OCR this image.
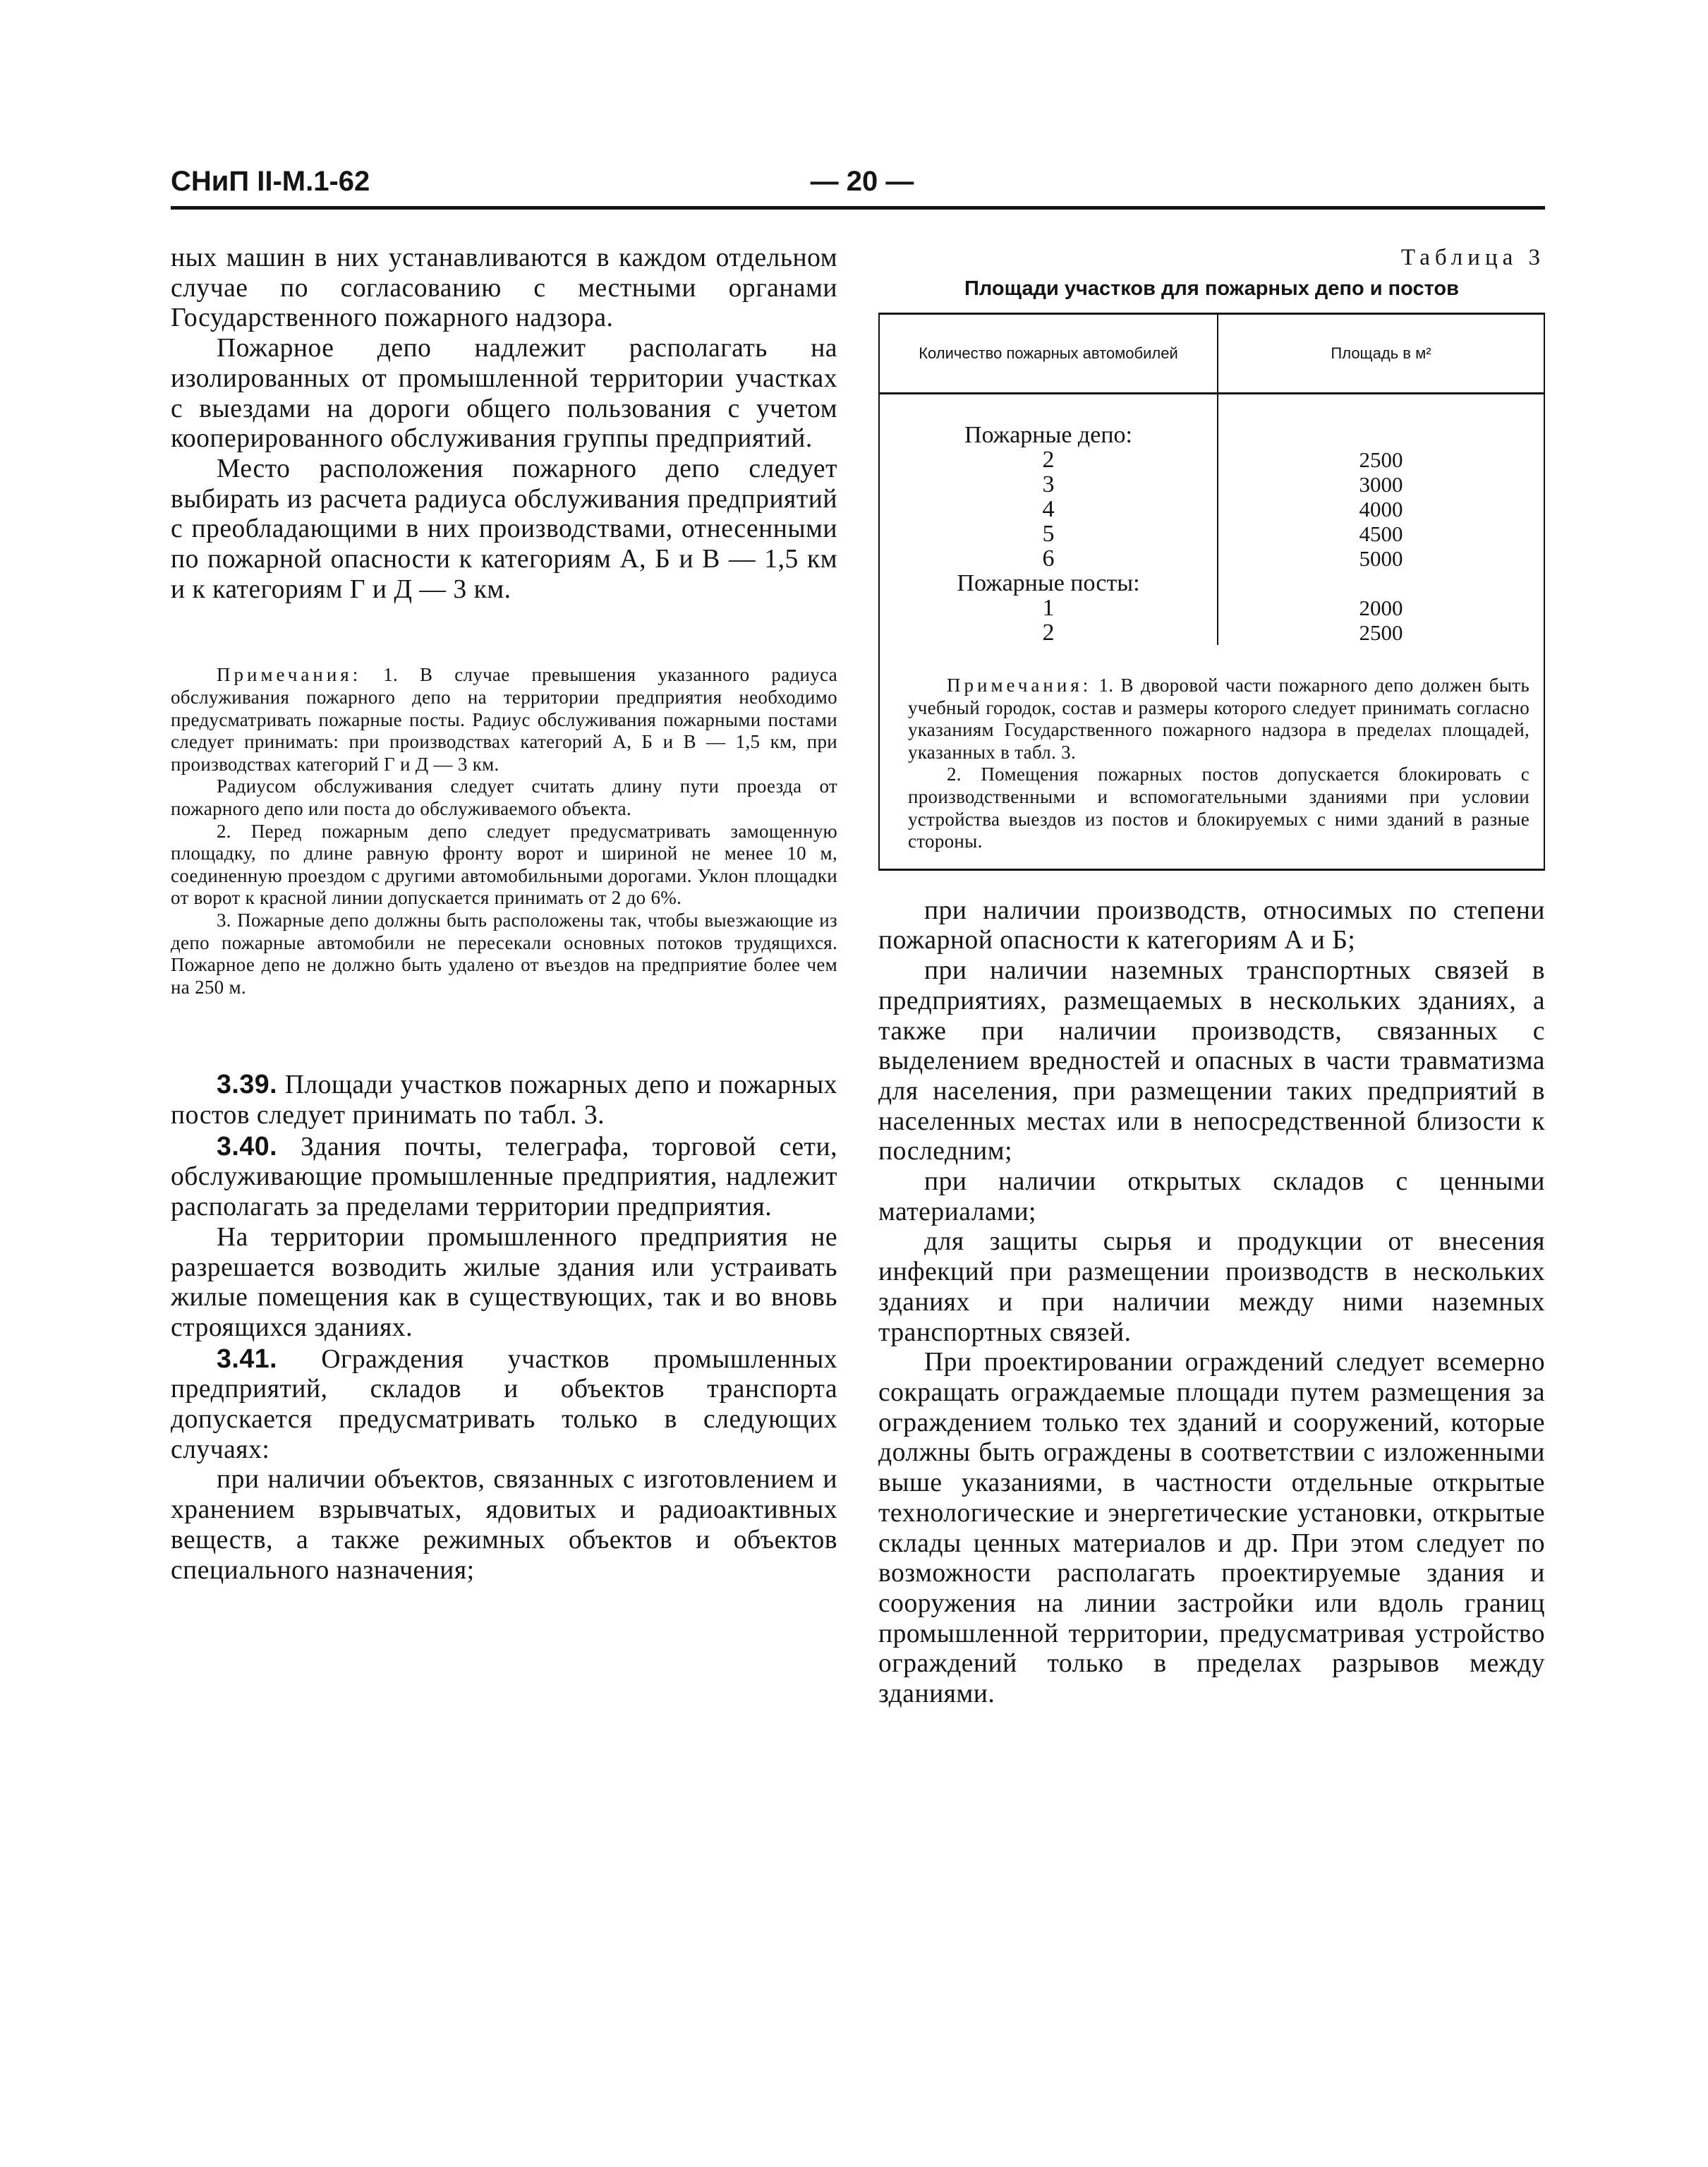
СНиП II-М.1-62	— 20 —

ных машин в них устанавливаются в каждом отдельном случае по согласованию с местными органами Государственного пожарного надзора.

Пожарное депо надлежит располагать на изолированных от промышленной территории участках с выездами на дороги общего пользования с учетом кооперированного обслуживания группы предприятий.

Место расположения пожарного депо следует выбирать из расчета радиуса обслуживания предприятий с преобладающими в них производствами, отнесенными по пожарной опасности к категориям А, Б и В — 1,5 км и к категориям Г и Д — 3 км.

Примечания: 1. В случае превышения указанного радиуса обслуживания пожарного депо на территории предприятия необходимо предусматривать пожарные посты. Радиус обслуживания пожарными постами следует принимать: при производствах категорий А, Б и В — 1,5 км, при производствах категорий Г и Д — 3 км.

Радиусом обслуживания следует считать длину пути проезда от пожарного депо или поста до обслуживаемого объекта.

2. Перед пожарным депо следует предусматривать замощенную площадку, по длине равную фронту ворот и шириной не менее 10 м, соединенную проездом с другими автомобильными дорогами. Уклон площадки от ворот к красной линии допускается принимать от 2 до 6%.

3. Пожарные депо должны быть расположены так, чтобы выезжающие из депо пожарные автомобили не пересекали основных потоков трудящихся. Пожарное депо не должно быть удалено от въездов на предприятие более чем на 250 м.

3.39. Площади участков пожарных депо и пожарных постов следует принимать по табл. 3.

3.40. Здания почты, телеграфа, торговой сети, обслуживающие промышленные предприятия, надлежит располагать за пределами территории предприятия.

На территории промышленного предприятия не разрешается возводить жилые здания или устраивать жилые помещения как в существующих, так и во вновь строящихся зданиях.

3.41. Ограждения участков промышленных предприятий, складов и объектов транспорта допускается предусматривать только в следующих случаях:

при наличии объектов, связанных с изготовлением и хранением взрывчатых, ядовитых и радиоактивных веществ, а также режимных объектов и объектов специального назначения;

Таблица 3

Площади участков для пожарных депо и постов

Количество пожарных автомобилей	Площадь в м²
Пожарные депо:
2
3
4
5
6
Пожарные посты:
1
2
2500
3000
4000
4500
5000
2000
2500

Примечания: 1. В дворовой части пожарного депо должен быть учебный городок, состав и размеры которого следует принимать согласно указаниям Государственного пожарного надзора в пределах площадей, указанных в табл. 3.

2. Помещения пожарных постов допускается блокировать с производственными и вспомогательными зданиями при условии устройства выездов из постов и блокируемых с ними зданий в разные стороны.

при наличии производств, относимых по степени пожарной опасности к категориям А и Б;

при наличии наземных транспортных связей в предприятиях, размещаемых в нескольких зданиях, а также при наличии производств, связанных с выделением вредностей и опасных в части травматизма для населения, при размещении таких предприятий в населенных местах или в непосредственной близости к последним;

при наличии открытых складов с ценными материалами;

для защиты сырья и продукции от внесения инфекций при размещении производств в нескольких зданиях и при наличии между ними наземных транспортных связей.

При проектировании ограждений следует всемерно сокращать ограждаемые площади путем размещения за ограждением только тех зданий и сооружений, которые должны быть ограждены в соответствии с изложенными выше указаниями, в частности отдельные открытые технологические и энергетические установки, открытые склады ценных материалов и др. При этом следует по возможности располагать проектируемые здания и сооружения на линии застройки или вдоль границ промышленной территории, предусматривая устройство ограждений только в пределах разрывов между зданиями.
